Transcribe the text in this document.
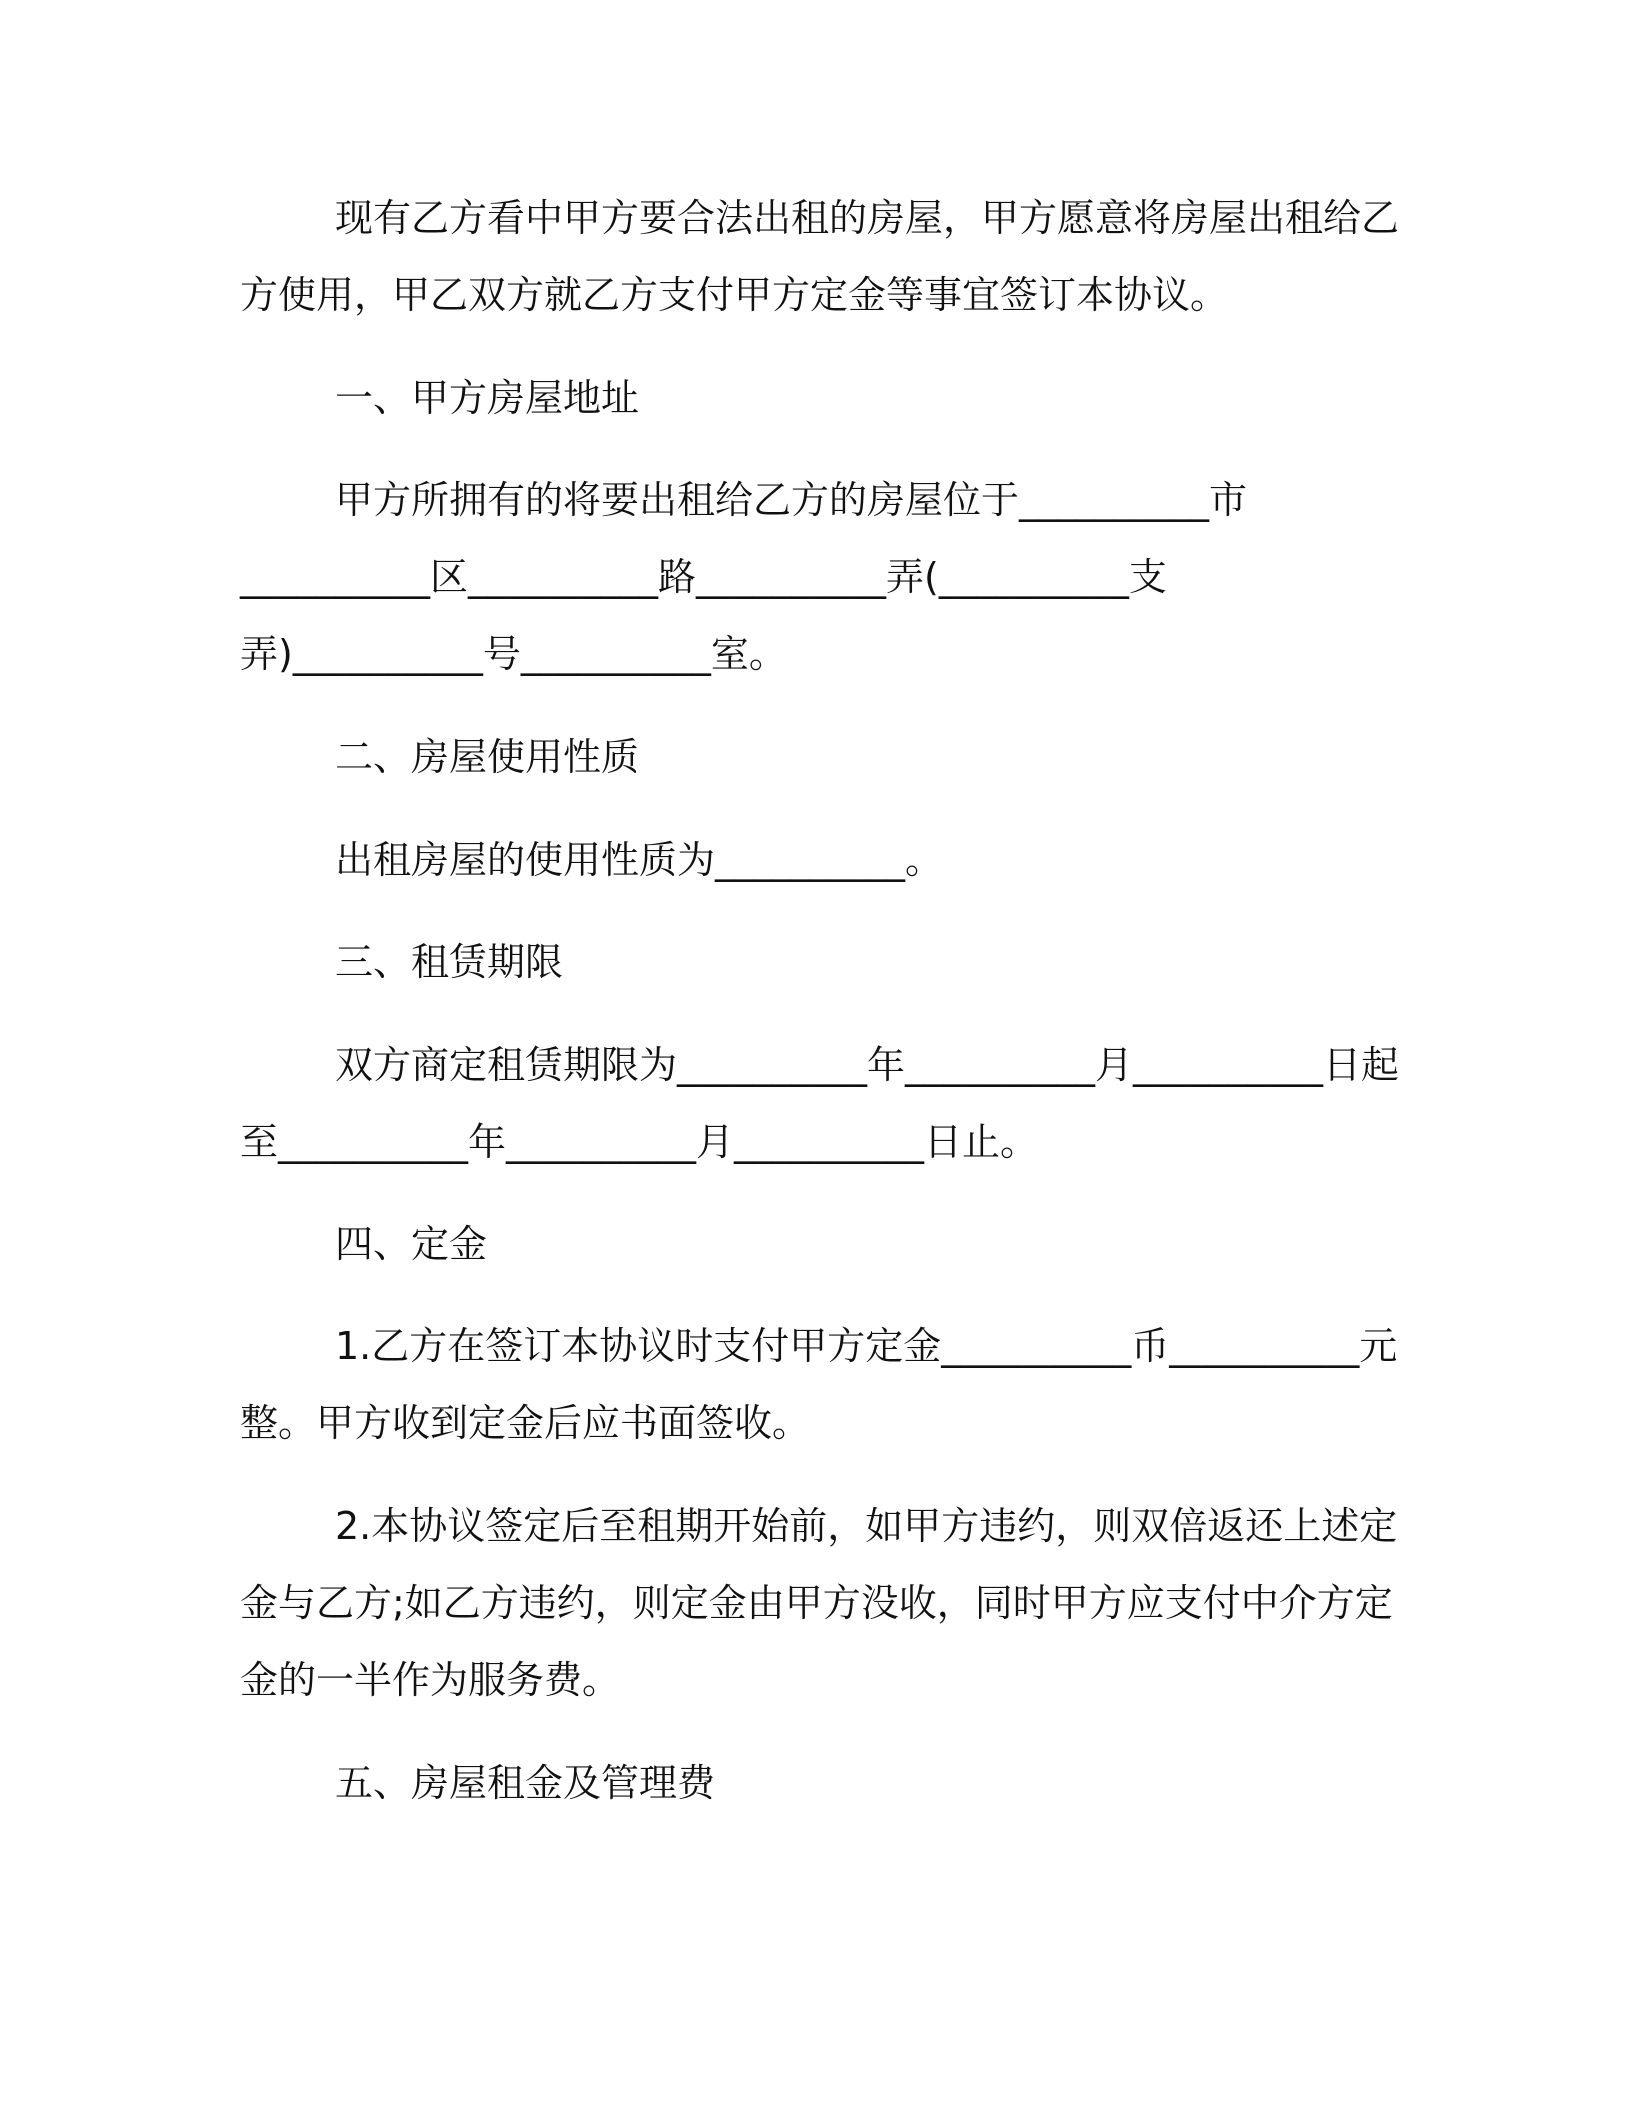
现有乙方看中甲方要合法出租的房屋，甲方愿意将房屋出租给乙
方使用，甲乙双方就乙方支付甲方定金等事宜签订本协议。
一、甲方房屋地址
甲方所拥有的将要出租给乙方的房屋位于__________市
__________区__________路__________弄(__________支
弄)__________号__________室。
二、房屋使用性质
出租房屋的使用性质为__________。
三、租赁期限
双方商定租赁期限为__________年__________月__________日起
至__________年__________月__________日止。
四、定金
1.乙方在签订本协议时支付甲方定金__________币__________元
整。甲方收到定金后应书面签收。
2.本协议签定后至租期开始前，如甲方违约，则双倍返还上述定
金与乙方;如乙方违约，则定金由甲方没收，同时甲方应支付中介方定
金的一半作为服务费。
五、房屋租金及管理费
